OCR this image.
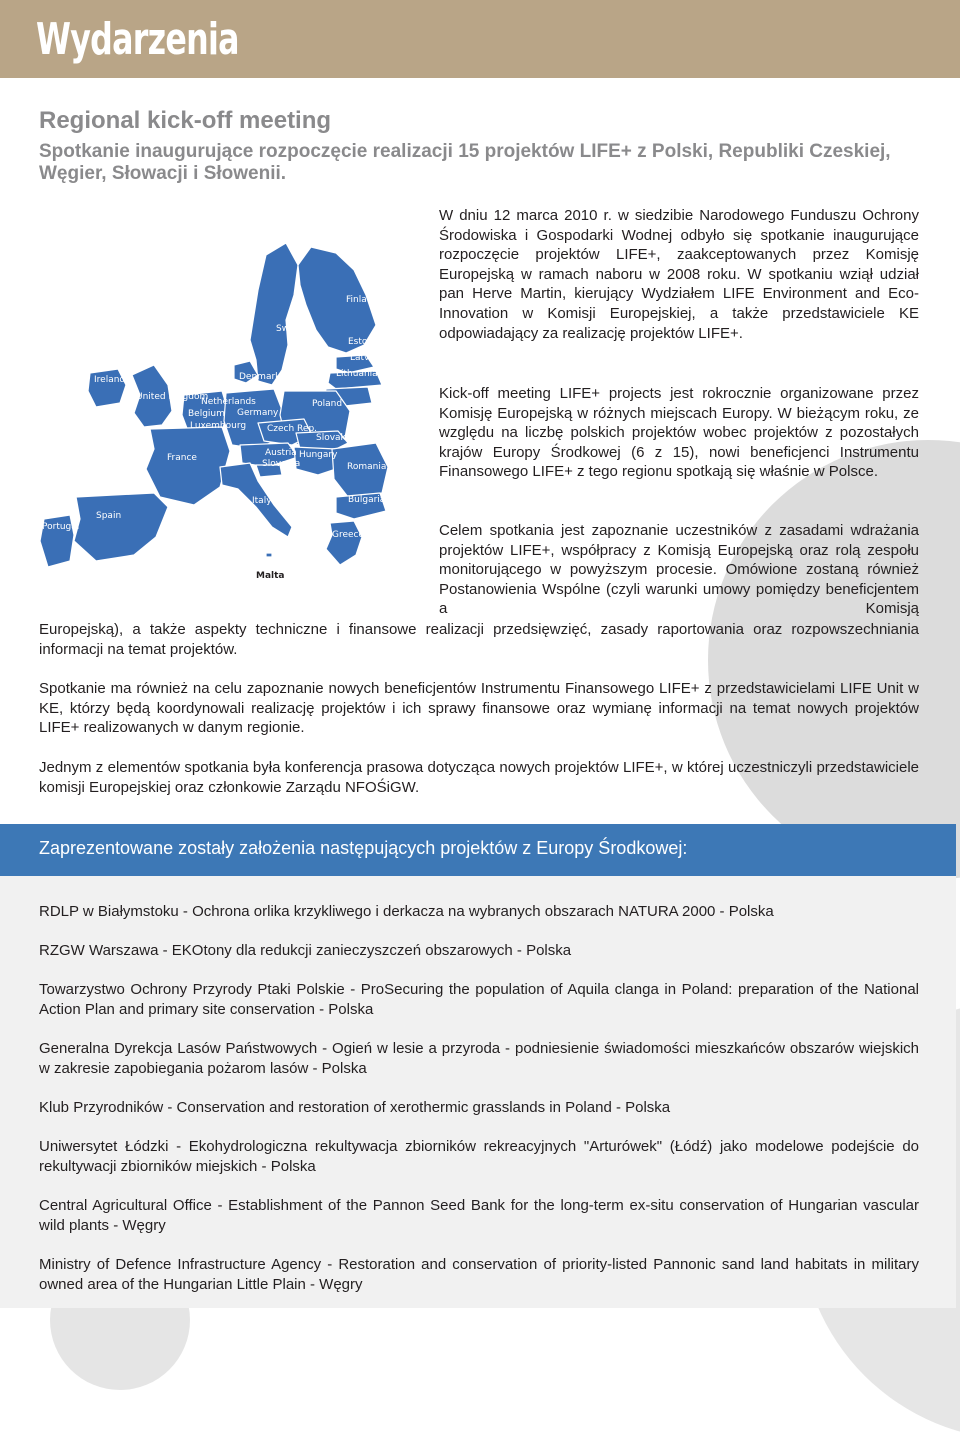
Wydarzenia
Regional kick-off meeting
Spotkanie inaugurujące rozpoczęcie realizacji 15 projektów LIFE+ z Polski, Republiki Czeskiej, Węgier, Słowacji i Słowenii.
Finland
Sweden
Estonia
Latvia
Lithuania
Ireland	Denmark
United Kingdom
Netherlands
Belgium
Luxembourg
Germany
Poland
Czech Rep.
Slovakia
Austria
Slovenia
Hungary
Romania
France
Italy	Bulgaria
Spain
Portugal
Greece
Malta
W dniu 12 marca 2010 r. w siedzibie Narodowego Funduszu Ochrony Środowiska i Gospodarki Wodnej odbyło się spotkanie inaugurujące rozpoczęcie projektów LIFE+, zaakceptowanych przez Komisję Europejską w ramach naboru w 2008 roku. W spotkaniu wziął udział pan Herve Martin, kierujący Wydziałem LIFE Environment and Eco-Innovation w Komisji Europejskiej, a także przedstawiciele KE odpowiadający za realizację projektów LIFE+.
Kick-off meeting LIFE+ projects jest rokrocznie organizowane przez Komisję Europejską w różnych miejscach Europy. W bieżącym roku, ze względu na liczbę polskich projektów wobec projektów z pozostałych krajów Europy Środkowej (6 z 15), nowi beneficjenci Instrumentu Finansowego LIFE+ z tego regionu spotkają się właśnie w Polsce.
Celem spotkania jest zapoznanie uczestników z zasadami wdrażania projektów LIFE+, współpracy z Komisją Europejską oraz rolą zespołu monitorującego w powyższym procesie. Omówione zostaną również Postanowienia Wspólne (czyli warunki umowy pomiędzy beneficjentem a Komisją
Europejską), a także aspekty techniczne i finansowe realizacji przedsięwzięć, zasady raportowania oraz rozpowszechniania informacji na temat projektów.
Spotkanie ma również na celu zapoznanie nowych beneficjentów Instrumentu Finansowego LIFE+ z przedstawicielami LIFE Unit w KE, którzy będą koordynowali realizację projektów i ich sprawy finansowe oraz wymianę informacji na temat nowych projektów LIFE+ realizowanych w danym regionie.
Jednym z elementów spotkania była konferencja prasowa dotycząca nowych projektów LIFE+, w której uczestniczyli przedstawiciele komisji Europejskiej oraz członkowie Zarządu NFOŚiGW.
Zaprezentowane zostały założenia następujących projektów z Europy Środkowej:
RDLP w Białymstoku - Ochrona orlika krzykliwego i derkacza na wybranych obszarach NATURA 2000 - Polska
RZGW Warszawa - EKOtony dla redukcji zanieczyszczeń obszarowych - Polska
Towarzystwo Ochrony Przyrody Ptaki Polskie - ProSecuring the population of Aquila clanga in Poland: preparation of the National Action Plan and primary site conservation - Polska
Generalna Dyrekcja Lasów Państwowych - Ogień w lesie a przyroda - podniesienie świadomości mieszkańców obszarów wiejskich w zakresie zapobiegania pożarom lasów - Polska
Klub Przyrodników - Conservation and restoration of xerothermic grasslands in Poland - Polska
Uniwersytet Łódzki - Ekohydrologiczna rekultywacja zbiorników rekreacyjnych "Arturówek" (Łódź) jako modelowe podejście do rekultywacji zbiorników miejskich - Polska
Central Agricultural Office - Establishment of the Pannon Seed Bank for the long-term ex-situ conservation of Hungarian vascular wild plants - Węgry
Ministry of Defence Infrastructure Agency - Restoration and conservation of priority-listed Pannonic sand land habitats in military owned area of the Hungarian Little Plain - Węgry
